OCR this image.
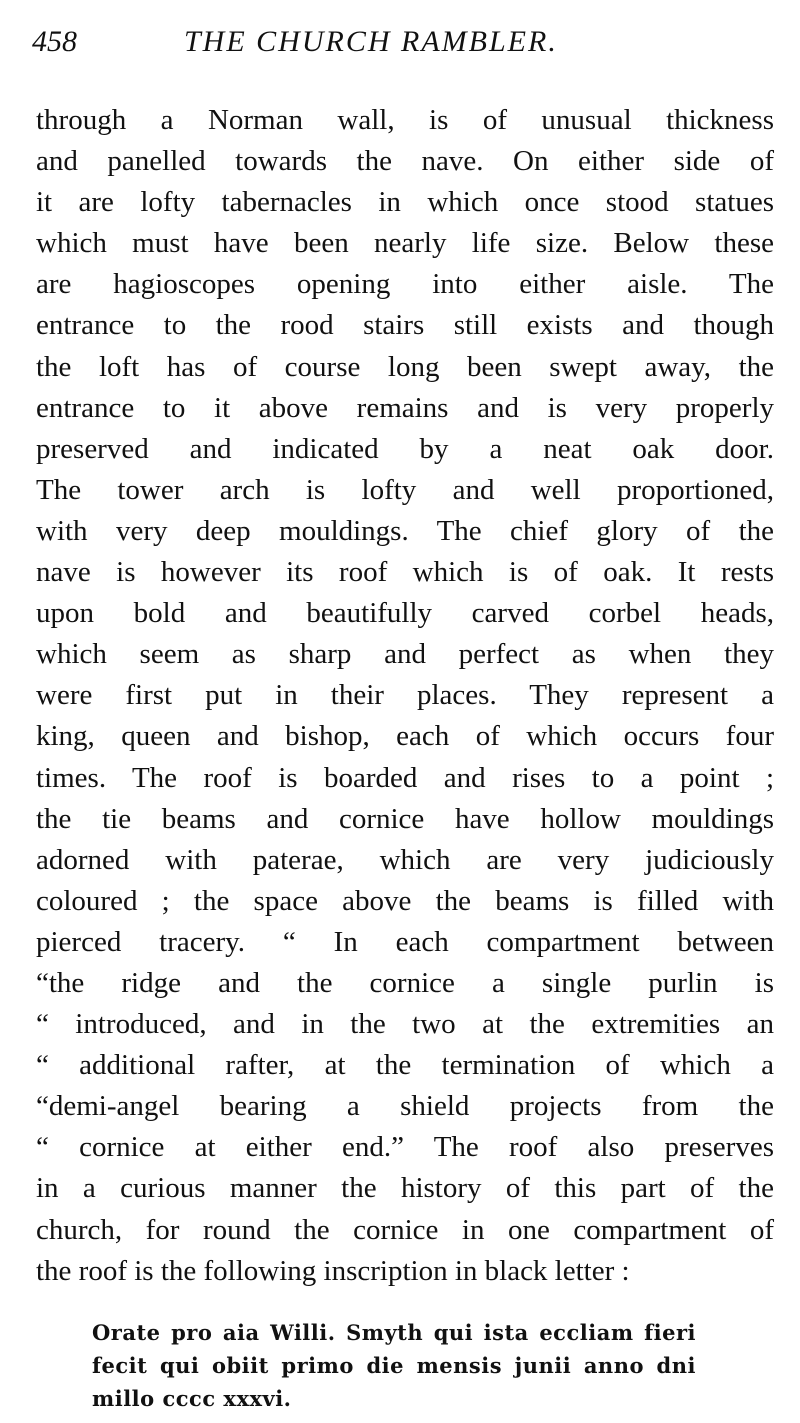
458	THE CHURCH RAMBLER.
through a Norman wall, is of unusual thickness
and panelled towards the nave. On either side of
it are lofty tabernacles in which once stood statues
which must have been nearly life size. Below these
are hagioscopes opening into either aisle. The
entrance to the rood stairs still exists and though
the loft has of course long been swept away, the
entrance to it above remains and is very properly
preserved and indicated by a neat oak door.
The tower arch is lofty and well proportioned,
with very deep mouldings. The chief glory of the
nave is however its roof which is of oak. It rests
upon bold and beautifully carved corbel heads,
which seem as sharp and perfect as when they
were first put in their places. They represent a
king, queen and bishop, each of which occurs four
times. The roof is boarded and rises to a point ;
the tie beams and cornice have hollow mouldings
adorned with paterae, which are very judiciously
coloured ; the space above the beams is filled with
pierced tracery. “ In each compartment between
“the ridge and the cornice a single purlin is
“ introduced, and in the two at the extremities an
“ additional rafter, at the termination of which a
“demi-angel bearing a shield projects from the
“ cornice at either end.” The roof also preserves
in a curious manner the history of this part of the
church, for round the cornice in one compartment of
the roof is the following inscription in black letter :
Orate pro aia Willi. Smyth qui ista ecclіam fieri
fecit qui obiit primo die mensis junii anno dni
millo cccc xxxvi.
